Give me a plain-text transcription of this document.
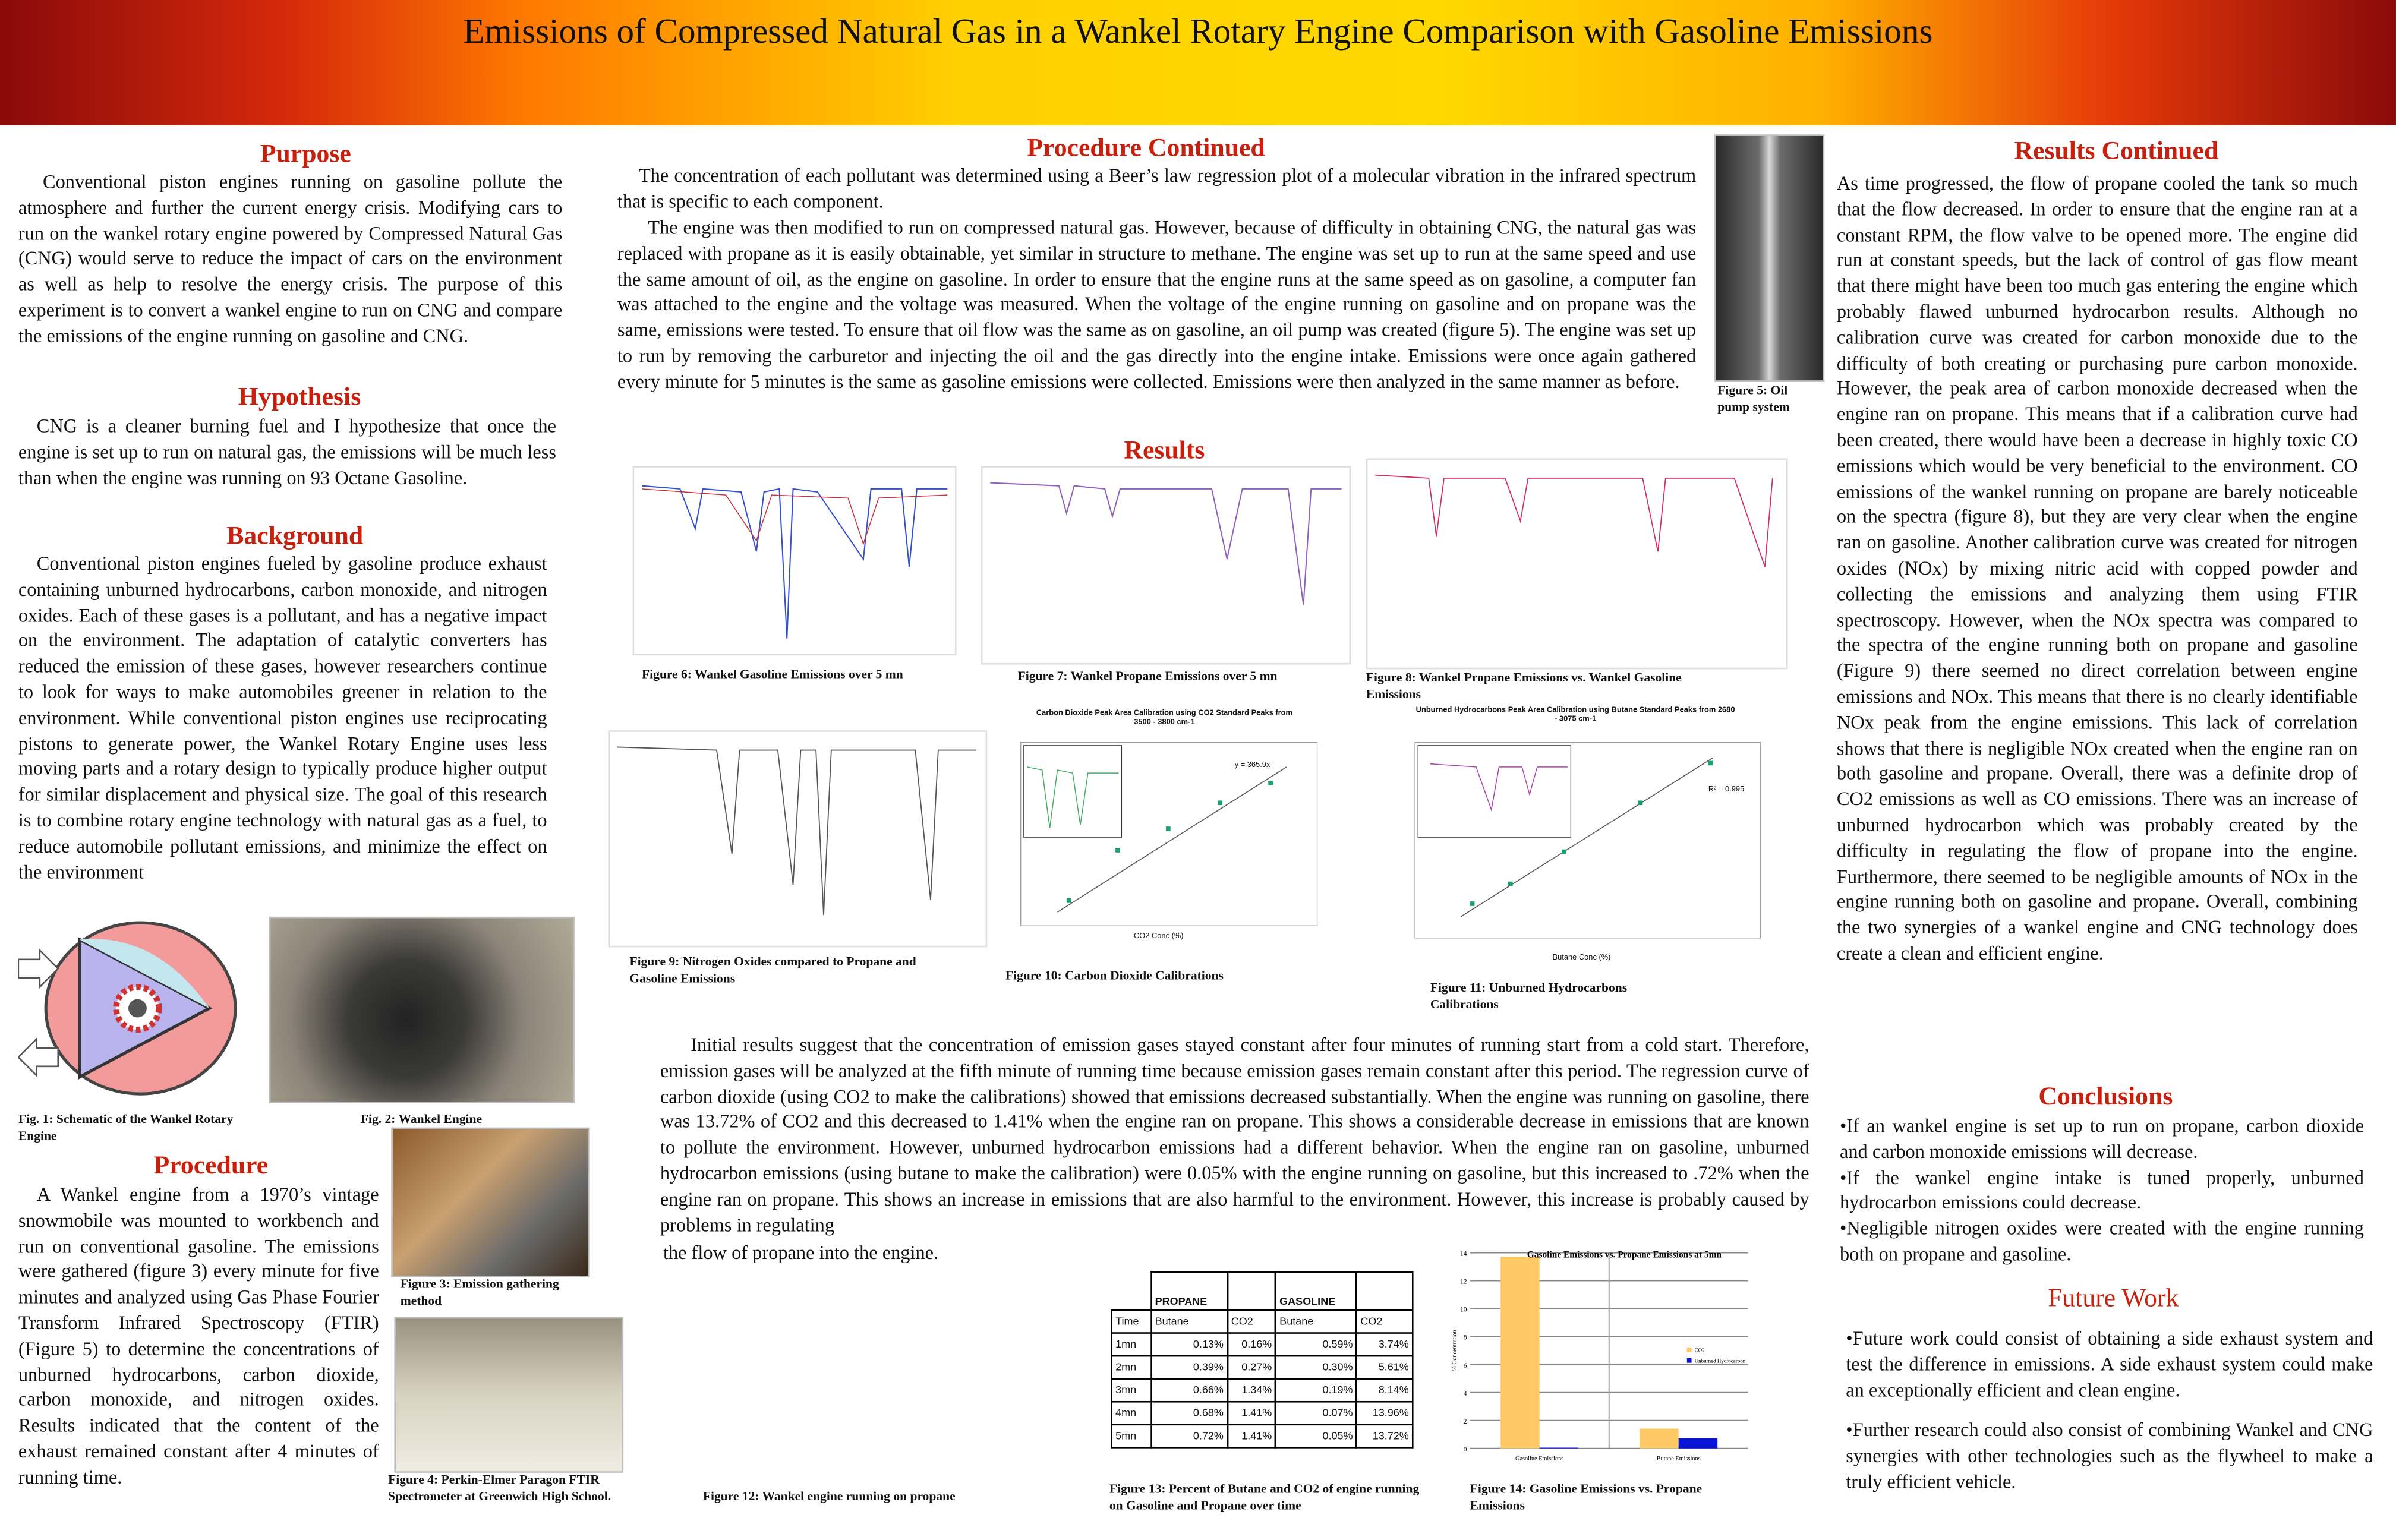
Emissions of Compressed Natural Gas in a Wankel Rotary Engine Comparison with Gasoline Emissions
Purpose
Conventional piston engines running on gasoline pollute the atmosphere and further the current energy crisis. Modifying cars to run on the wankel rotary engine powered by Compressed Natural Gas (CNG) would serve to reduce the impact of cars on the environment as well as help to resolve the energy crisis. The purpose of this experiment is to convert a wankel engine to run on CNG and compare the emissions of the engine running on gasoline and CNG.
Hypothesis
CNG is a cleaner burning fuel and I hypothesize that once the engine is set up to run on natural gas, the emissions will be much less than when the engine was running on 93 Octane Gasoline.
Background
Conventional piston engines fueled by gasoline produce exhaust containing unburned hydrocarbons, carbon monoxide, and nitrogen oxides. Each of these gases is a pollutant, and has a negative impact on the environment. The adaptation of catalytic converters has reduced the emission of these gases, however researchers continue to look for ways to make automobiles greener in relation to the environment. While conventional piston engines use reciprocating pistons to generate power, the Wankel Rotary Engine uses less moving parts and a rotary design to typically produce higher output for similar displacement and physical size. The goal of this research is to combine rotary engine technology with natural gas as a fuel, to reduce automobile pollutant emissions, and minimize the effect on the environment
Fig. 1: Schematic of the Wankel Rotary Engine
Fig. 2: Wankel Engine
Procedure
A Wankel engine from a 1970’s vintage snowmobile was mounted to workbench and run on conventional gasoline. The emissions were gathered (figure 3) every minute for five minutes and analyzed using Gas Phase Fourier Transform Infrared Spectroscopy (FTIR) (Figure 5) to determine the concentrations of unburned hydrocarbons, carbon dioxide, carbon monoxide, and nitrogen oxides. Results indicated that the content of the exhaust remained constant after 4 minutes of running time.
Figure 3: Emission gathering method
Figure 4: Perkin-Elmer Paragon FTIR Spectrometer at Greenwich High School.
Procedure Continued
The concentration of each pollutant was determined using a Beer’s law regression plot of a molecular vibration in the infrared spectrum that is specific to each component.
The engine was then modified to run on compressed natural gas. However, because of difficulty in obtaining CNG, the natural gas was replaced with propane as it is easily obtainable, yet similar in structure to methane. The engine was set up to run at the same speed and use the same amount of oil, as the engine on gasoline. In order to ensure that the engine runs at the same speed as on gasoline, a computer fan was attached to the engine and the voltage was measured. When the voltage of the engine running on gasoline and on propane was the same, emissions were tested. To ensure that oil flow was the same as on gasoline, an oil pump was created (figure 5). The engine was set up to run by removing the carburetor and injecting the oil and the gas directly into the engine intake. Emissions were once again gathered every minute for 5 minutes is the same as gasoline emissions were collected. Emissions were then analyzed in the same manner as before.	Figure 5: Oil pump system
Results
Figure 6: Wankel Gasoline Emissions over 5 mn	Figure 7: Wankel Propane Emissions over 5 mn	Figure 8: Wankel Propane Emissions vs. Wankel Gasoline Emissions
Figure 9: Nitrogen Oxides compared to Propane and Gasoline Emissions
Carbon Dioxide Peak Area Calibration using CO2 Standard Peaks from 3500 - 3800 cm-1
y = 365.9x
CO2 Conc (%)
Figure 10: Carbon Dioxide Calibrations
Unburned Hydrocarbons Peak Area Calibration using Butane Standard Peaks from 2680 - 3075 cm-1
R² = 0.995
Butane Conc (%)
Figure 11: Unburned Hydrocarbons Calibrations
Initial results suggest that the concentration of emission gases stayed constant after four minutes of running start from a cold start. Therefore, emission gases will be analyzed at the fifth minute of running time because emission gases remain constant after this period. The regression curve of carbon dioxide (using CO2 to make the calibrations) showed that emissions decreased substantially. When the engine was running on gasoline, there was 13.72% of CO2 and this decreased to 1.41% when the engine ran on propane. This shows a considerable decrease in emissions that are known to pollute the environment. However, unburned hydrocarbon emissions had a different behavior. When the engine ran on gasoline, unburned hydrocarbon emissions (using butane to make the calibration) were 0.05% with the engine running on gasoline, but this increased to .72% when the engine ran on propane. This shows an increase in emissions that are also harmful to the environment. However, this increase is probably caused by problems in regulating
the flow of propane into the engine.
Figure 12: Wankel engine running on propane
	PROPANE		GASOLINE	
Time	Butane	CO2	Butane	CO2
1mn	0.13%	0.16%	0.59%	3.74%
2mn	0.39%	0.27%	0.30%	5.61%
3mn	0.66%	1.34%	0.19%	8.14%
4mn	0.68%	1.41%	0.07%	13.96%
5mn	0.72%	1.41%	0.05%	13.72%
Figure 13: Percent of Butane and CO2 of engine running on Gasoline and Propane over time
0
2
4
6
8
10
12
14
Gasoline Emissions	Butane Emissions
Gasoline Emissions vs. Propane Emissions at 5mn
% Concentration	CO2
Unburned Hydrocarbon
Figure 14: Gasoline Emissions vs. Propane Emissions
Results Continued
As time progressed, the flow of propane cooled the tank so much that the flow decreased. In order to ensure that the engine ran at a constant RPM, the flow valve to be opened more. The engine did run at constant speeds, but the lack of control of gas flow meant that there might have been too much gas entering the engine which probably flawed unburned hydrocarbon results. Although no calibration curve was created for carbon monoxide due to the difficulty of both creating or purchasing pure carbon monoxide. However, the peak area of carbon monoxide decreased when the engine ran on propane. This means that if a calibration curve had been created, there would have been a decrease in highly toxic CO emissions which would be very beneficial to the environment. CO emissions of the wankel running on propane are barely noticeable on the spectra (figure 8), but they are very clear when the engine ran on gasoline. Another calibration curve was created for nitrogen oxides (NOx) by mixing nitric acid with copped powder and collecting the emissions and analyzing them using FTIR spectroscopy. However, when the NOx spectra was compared to the spectra of the engine running both on propane and gasoline (Figure 9) there seemed no direct correlation between engine emissions and NOx. This means that there is no clearly identifiable NOx peak from the engine emissions. This lack of correlation shows that there is negligible NOx created when the engine ran on both gasoline and propane. Overall, there was a definite drop of CO2 emissions as well as CO emissions. There was an increase of unburned hydrocarbon which was probably created by the difficulty in regulating the flow of propane into the engine. Furthermore, there seemed to be negligible amounts of NOx in the engine running both on gasoline and propane. Overall, combining the two synergies of a wankel engine and CNG technology does create a clean and efficient engine.
Conclusions
•If an wankel engine is set up to run on propane, carbon dioxide and carbon monoxide emissions will decrease.
•If the wankel engine intake is tuned properly, unburned hydrocarbon emissions could decrease.
•Negligible nitrogen oxides were created with the engine running both on propane and gasoline.
Future Work
•Future work could consist of obtaining a side exhaust system and test the difference in emissions. A side exhaust system could make an exceptionally efficient and clean engine.
•Further research could also consist of combining Wankel and CNG synergies with other technologies such as the flywheel to make a truly efficient vehicle.
